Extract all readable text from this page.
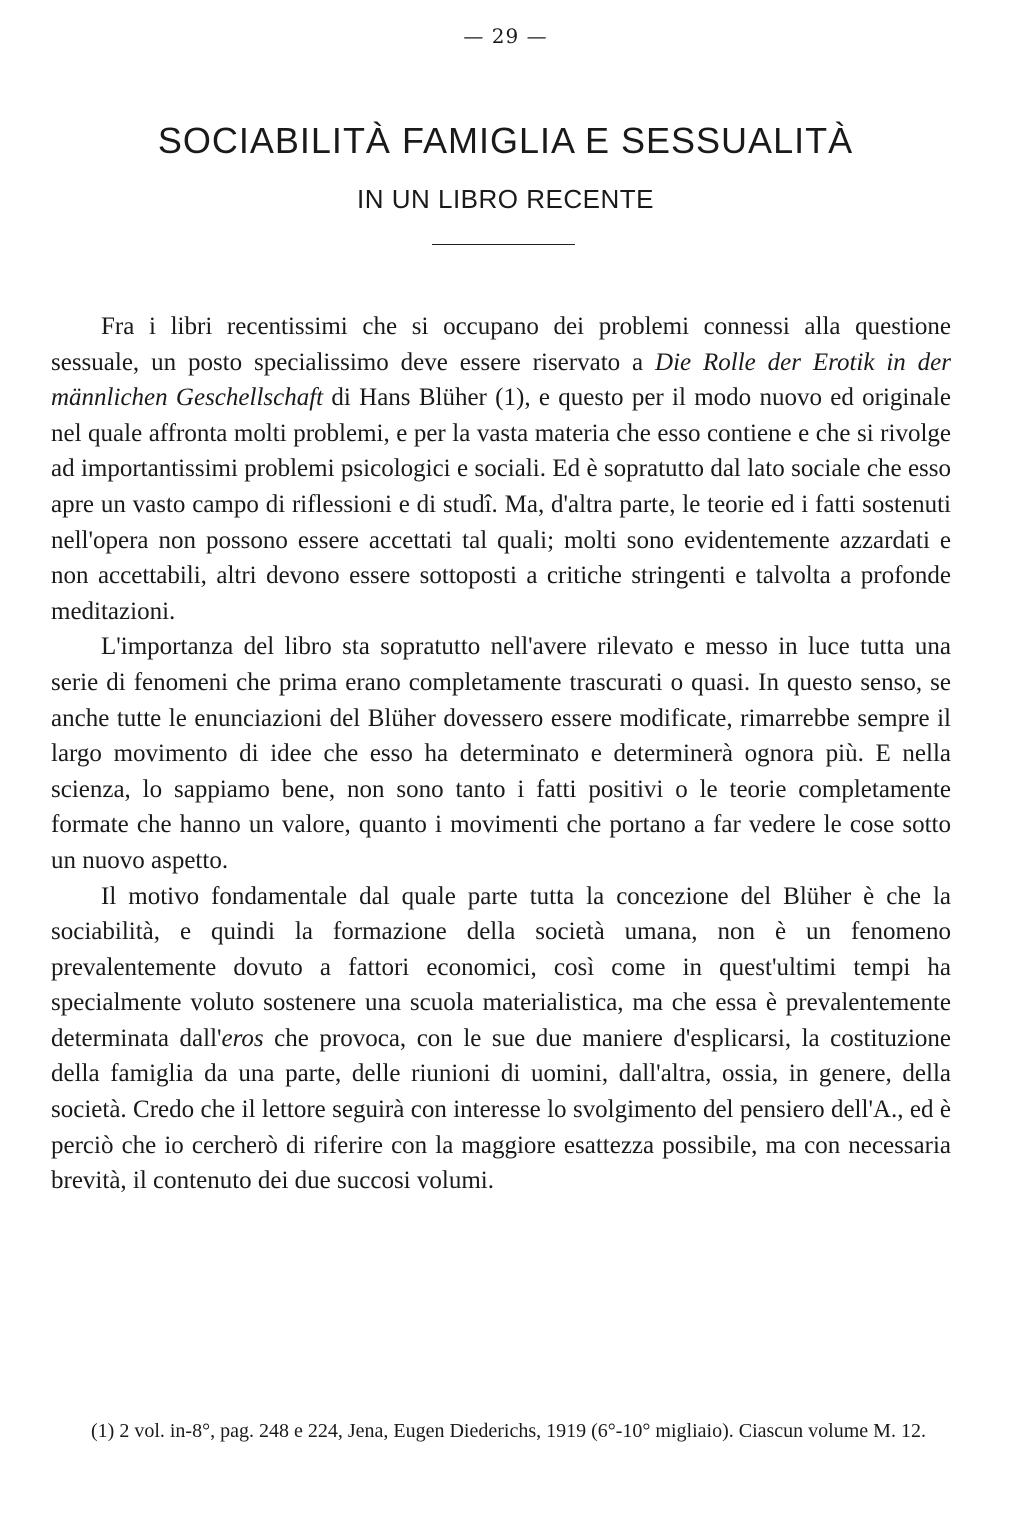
— 29 —
SOCIABILITÀ FAMIGLIA E SESSUALITÀ
IN UN LIBRO RECENTE

Fra i libri recentissimi che si occupano dei problemi connessi alla questione sessuale, un posto specialissimo deve essere riservato a Die Rolle der Erotik in der männlichen Geschellschaft di Hans Blüher (1), e questo per il modo nuovo ed originale nel quale affronta molti problemi, e per la vasta materia che esso contiene e che si rivolge ad importantissimi problemi psicologici e sociali. Ed è sopratutto dal lato sociale che esso apre un vasto campo di riflessioni e di studî. Ma, d'altra parte, le teorie ed i fatti sostenuti nell'opera non possono essere accettati tal quali; molti sono evidentemente azzardati e non accettabili, altri devono essere sottoposti a critiche stringenti e talvolta a profonde meditazioni.

L'importanza del libro sta sopratutto nell'avere rilevato e messo in luce tutta una serie di fenomeni che prima erano completamente trascurati o quasi. In questo senso, se anche tutte le enunciazioni del Blüher dovessero essere modificate, rimarrebbe sempre il largo movimento di idee che esso ha determinato e determinerà ognora più. E nella scienza, lo sappiamo bene, non sono tanto i fatti positivi o le teorie completamente formate che hanno un valore, quanto i movimenti che portano a far vedere le cose sotto un nuovo aspetto.

Il motivo fondamentale dal quale parte tutta la concezione del Blüher è che la sociabilità, e quindi la formazione della società umana, non è un fenomeno prevalentemente dovuto a fattori economici, così come in quest'ultimi tempi ha specialmente voluto sostenere una scuola materialistica, ma che essa è prevalentemente determinata dall'eros che provoca, con le sue due maniere d'esplicarsi, la costituzione della famiglia da una parte, delle riunioni di uomini, dall'altra, ossia, in genere, della società. Credo che il lettore seguirà con interesse lo svolgimento del pensiero dell'A., ed è perciò che io cercherò di riferire con la maggiore esattezza possibile, ma con necessaria brevità, il contenuto dei due succosi volumi.

(1) 2 vol. in-8°, pag. 248 e 224, Jena, Eugen Diederichs, 1919 (6°-10° migliaio). Ciascun volume M. 12.
